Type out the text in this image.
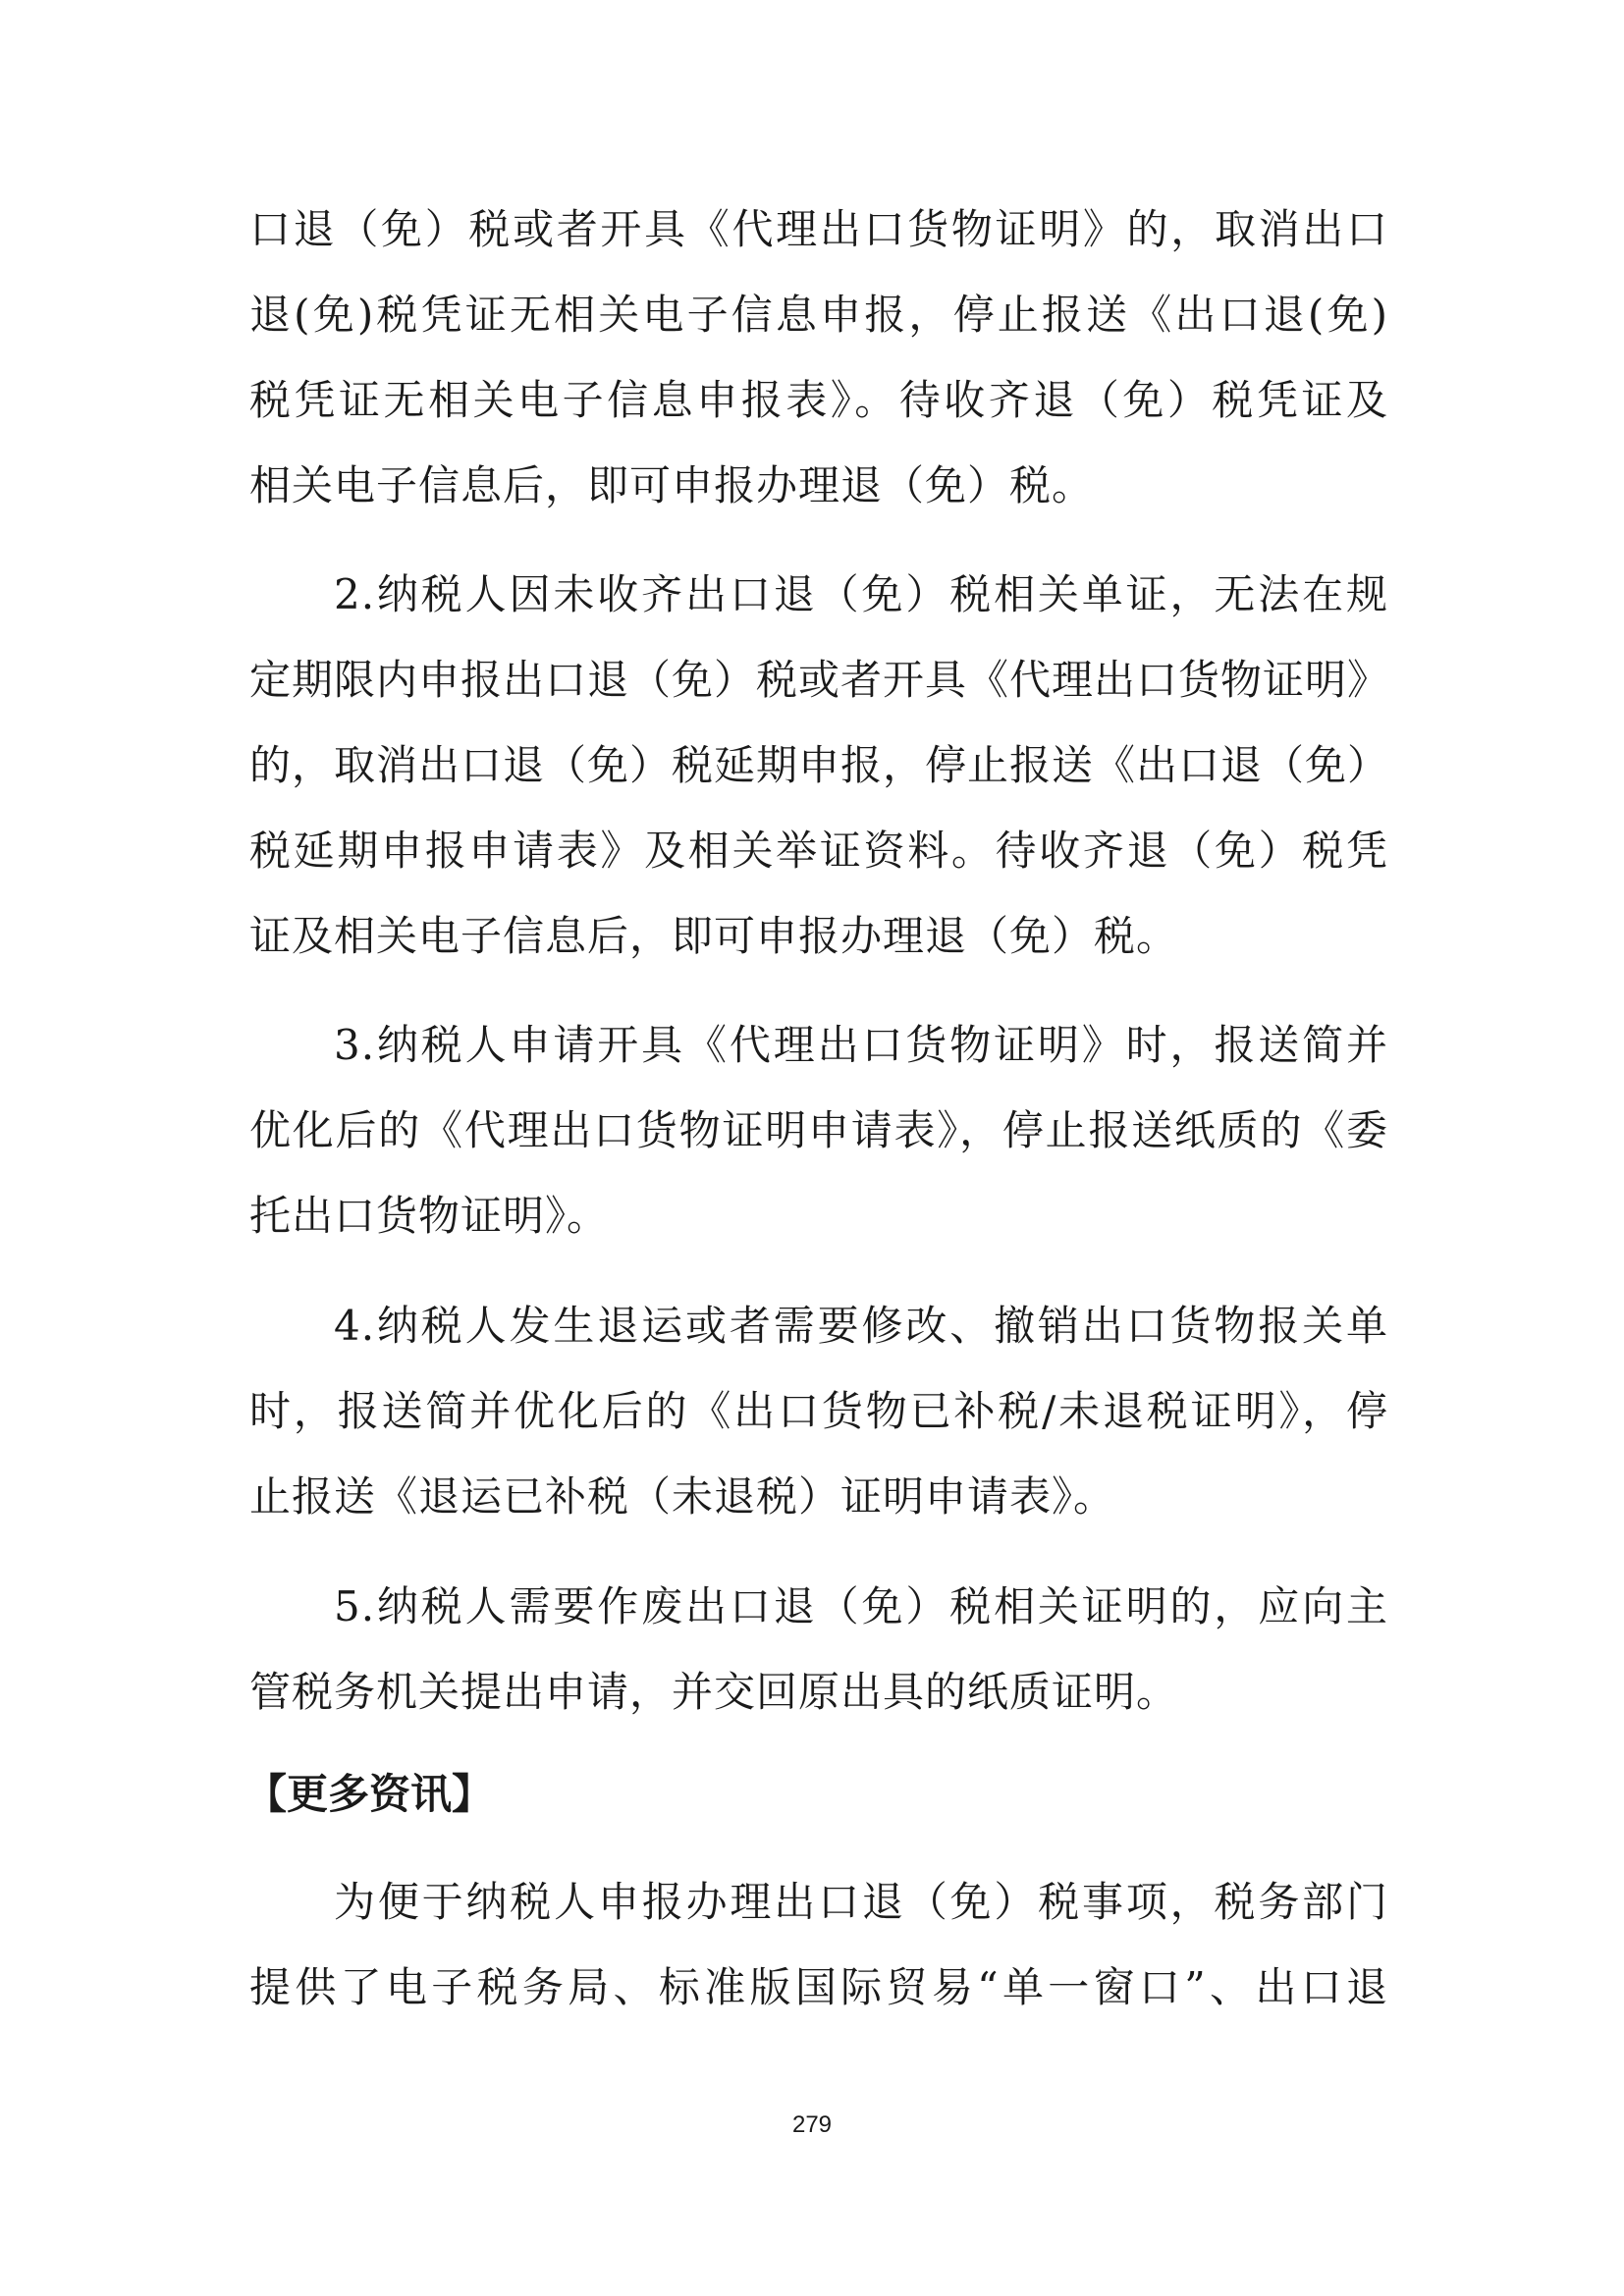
口退（免）税或者开具《代理出口货物证明》的，取消出口
退(免)税凭证无相关电子信息申报，停止报送《出口退(免)
税凭证无相关电子信息申报表》。待收齐退（免）税凭证及
相关电子信息后，即可申报办理退（免）税。
2.纳税人因未收齐出口退（免）税相关单证，无法在规
定期限内申报出口退（免）税或者开具《代理出口货物证明》
的，取消出口退（免）税延期申报，停止报送《出口退（免）
税延期申报申请表》及相关举证资料。待收齐退（免）税凭
证及相关电子信息后，即可申报办理退（免）税。
3.纳税人申请开具《代理出口货物证明》时，报送简并
优化后的《代理出口货物证明申请表》，停止报送纸质的《委
托出口货物证明》。
4.纳税人发生退运或者需要修改、撤销出口货物报关单
时，报送简并优化后的《出口货物已补税/未退税证明》，停
止报送《退运已补税（未退税）证明申请表》。
5.纳税人需要作废出口退（免）税相关证明的，应向主
管税务机关提出申请，并交回原出具的纸质证明。
【更多资讯】
为便于纳税人申报办理出口退（免）税事项，税务部门
提供了电子税务局、标准版国际贸易“单一窗口”、出口退
279
